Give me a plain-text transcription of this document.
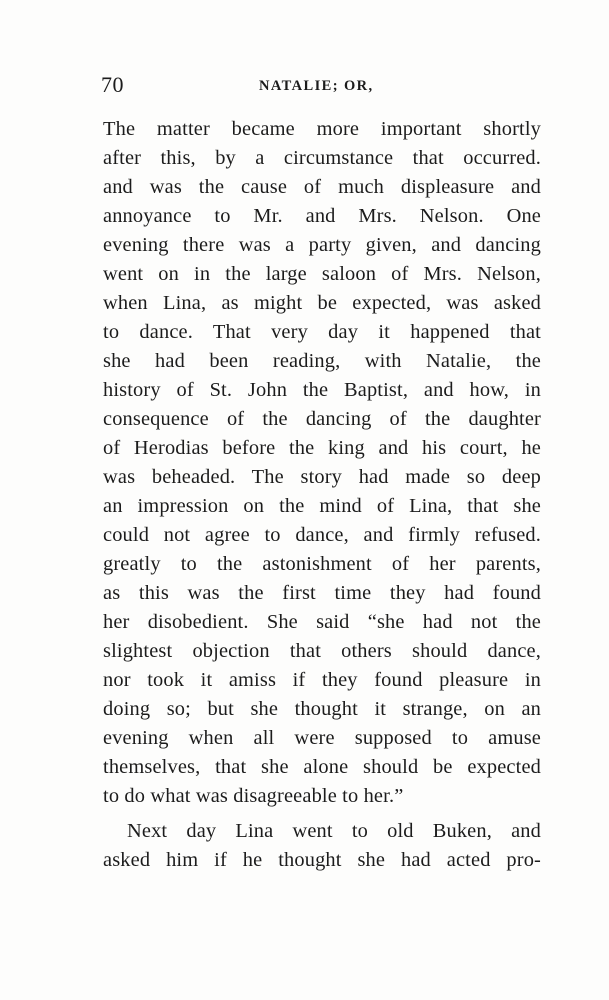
70	NATALIE; OR,
The matter became more important shortly
after this, by a circumstance that occurred.
and was the cause of much displeasure and
annoyance to Mr. and Mrs. Nelson. One
evening there was a party given, and dancing
went on in the large saloon of Mrs. Nelson,
when Lina, as might be expected, was asked
to dance. That very day it happened that
she had been reading, with Natalie, the
history of St. John the Baptist, and how, in
consequence of the dancing of the daughter
of Herodias before the king and his court, he
was beheaded. The story had made so deep
an impression on the mind of Lina, that she
could not agree to dance, and firmly refused.
greatly to the astonishment of her parents,
as this was the first time they had found
her disobedient. She said “she had not the
slightest objection that others should dance,
nor took it amiss if they found pleasure in
doing so; but she thought it strange, on an
evening when all were supposed to amuse
themselves, that she alone should be expected
to do what was disagreeable to her.”
Next day Lina went to old Buken, and
asked him if he thought she had acted pro-
